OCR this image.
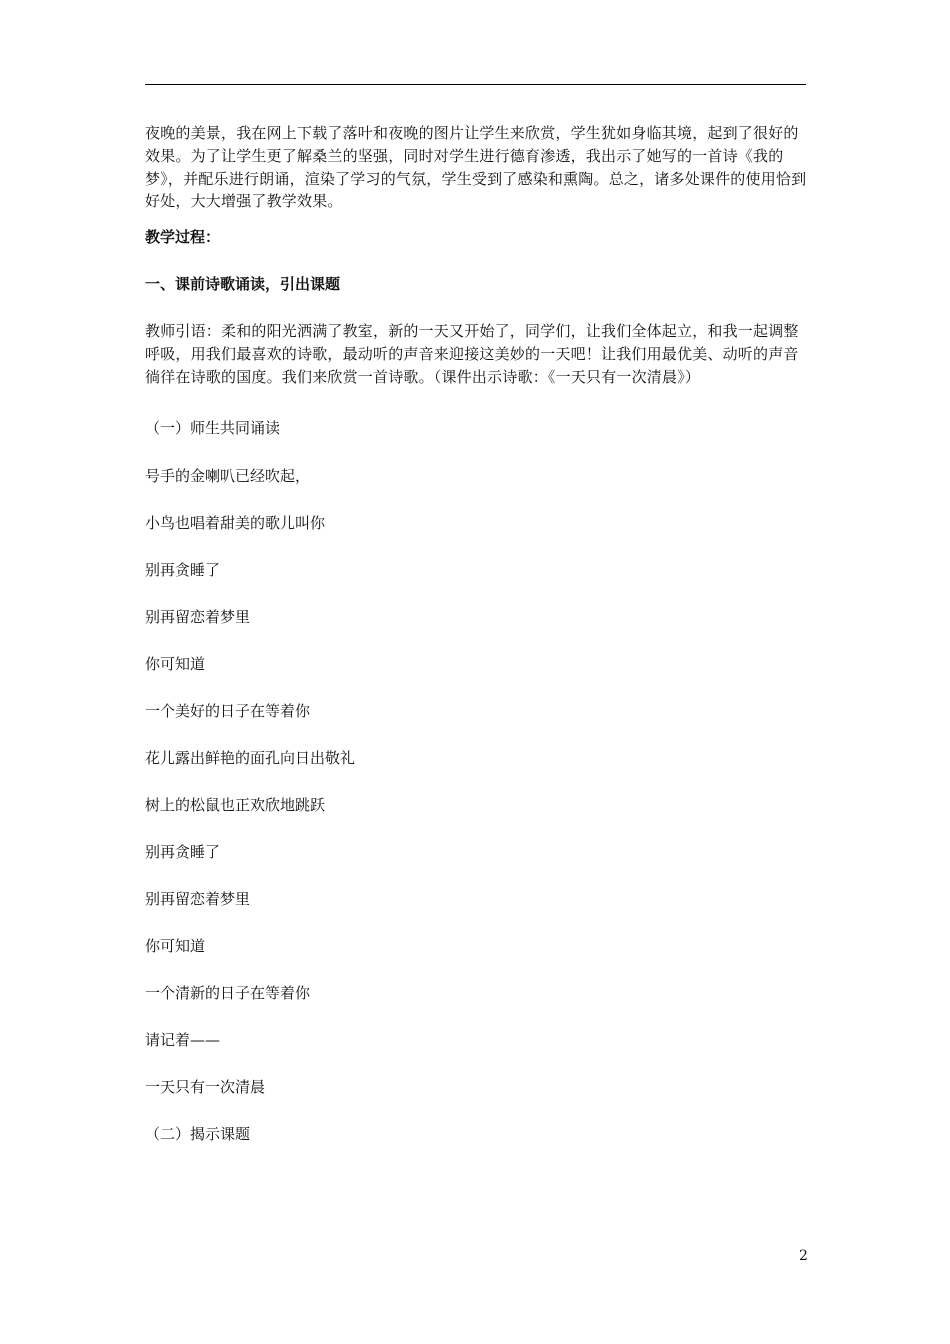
夜晚的美景，我在网上下载了落叶和夜晚的图片让学生来欣赏，学生犹如身临其境，起到了很好的效果。为了让学生更了解桑兰的坚强，同时对学生进行德育渗透，我出示了她写的一首诗《我的梦》，并配乐进行朗诵，渲染了学习的气氛，学生受到了感染和熏陶。总之，诸多处课件的使用恰到好处，大大增强了教学效果。

教学过程：

一、课前诗歌诵读，引出课题

教师引语：柔和的阳光洒满了教室，新的一天又开始了，同学们，让我们全体起立，和我一起调整呼吸，用我们最喜欢的诗歌，最动听的声音来迎接这美妙的一天吧！让我们用最优美、动听的声音徜徉在诗歌的国度。我们来欣赏一首诗歌。（课件出示诗歌：《一天只有一次清晨》）

（一）师生共同诵读

号手的金喇叭已经吹起，

小鸟也唱着甜美的歌儿叫你

别再贪睡了

别再留恋着梦里

你可知道

一个美好的日子在等着你

花儿露出鲜艳的面孔向日出敬礼

树上的松鼠也正欢欣地跳跃

别再贪睡了

别再留恋着梦里

你可知道

一个清新的日子在等着你

请记着——

一天只有一次清晨

（二）揭示课题

2
